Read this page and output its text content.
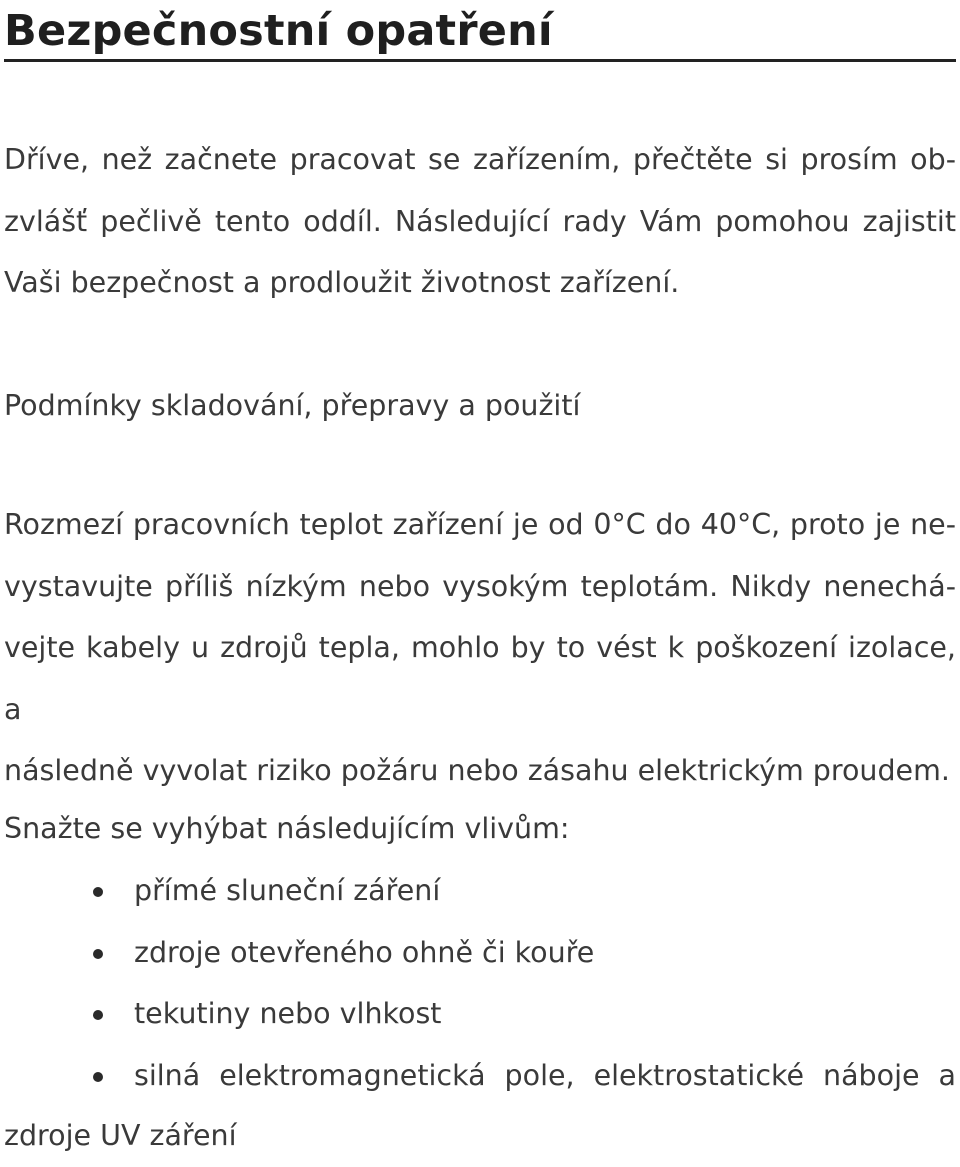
Bezpečnostní opatření

Dříve, než začnete pracovat se zařízením, přečtěte si prosím ob-
zvlášť pečlivě tento oddíl. Následující rady Vám pomohou zajistit
Vaši bezpečnost a prodloužit životnost zařízení.

Podmínky skladování, přepravy a použití

Rozmezí pracovních teplot zařízení je od 0°C do 40°C, proto je ne-
vystavujte příliš nízkým nebo vysokým teplotám. Nikdy nenechá-
vejte kabely u zdrojů tepla, mohlo by to vést k poškození izolace, a
následně vyvolat riziko požáru nebo zásahu elektrickým proudem.

Snažte se vyhýbat následujícím vlivům:

přímé sluneční záření
zdroje otevřeného ohně či kouře
tekutiny nebo vlhkost
silná elektromagnetická pole, elektrostatické náboje a

zdroje UV záření
